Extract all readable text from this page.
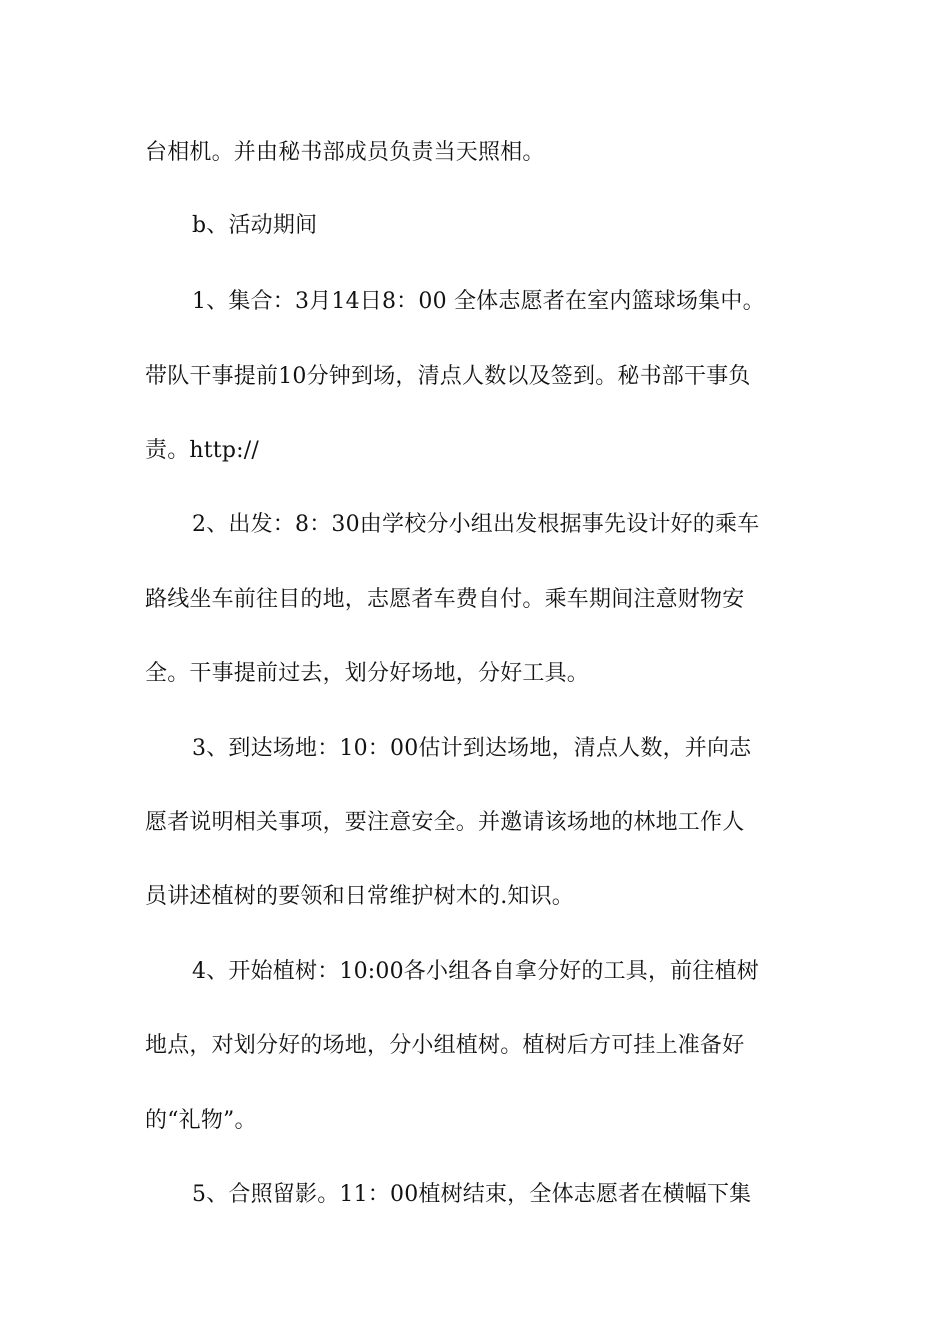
台相机。并由秘书部成员负责当天照相。
b、活动期间
1、集合：3月14日8：00 全体志愿者在室内篮球场集中。
带队干事提前10分钟到场，清点人数以及签到。秘书部干事负
责。http://
2、出发：8：30由学校分小组出发根据事先设计好的乘车
路线坐车前往目的地，志愿者车费自付。乘车期间注意财物安
全。干事提前过去，划分好场地，分好工具。
3、到达场地：10：00估计到达场地，清点人数，并向志
愿者说明相关事项，要注意安全。并邀请该场地的林地工作人
员讲述植树的要领和日常维护树木的.知识。
4、开始植树：10:00各小组各自拿分好的工具，前往植树
地点，对划分好的场地，分小组植树。植树后方可挂上准备好
的“礼物”。
5、合照留影。11：00植树结束，全体志愿者在横幅下集
